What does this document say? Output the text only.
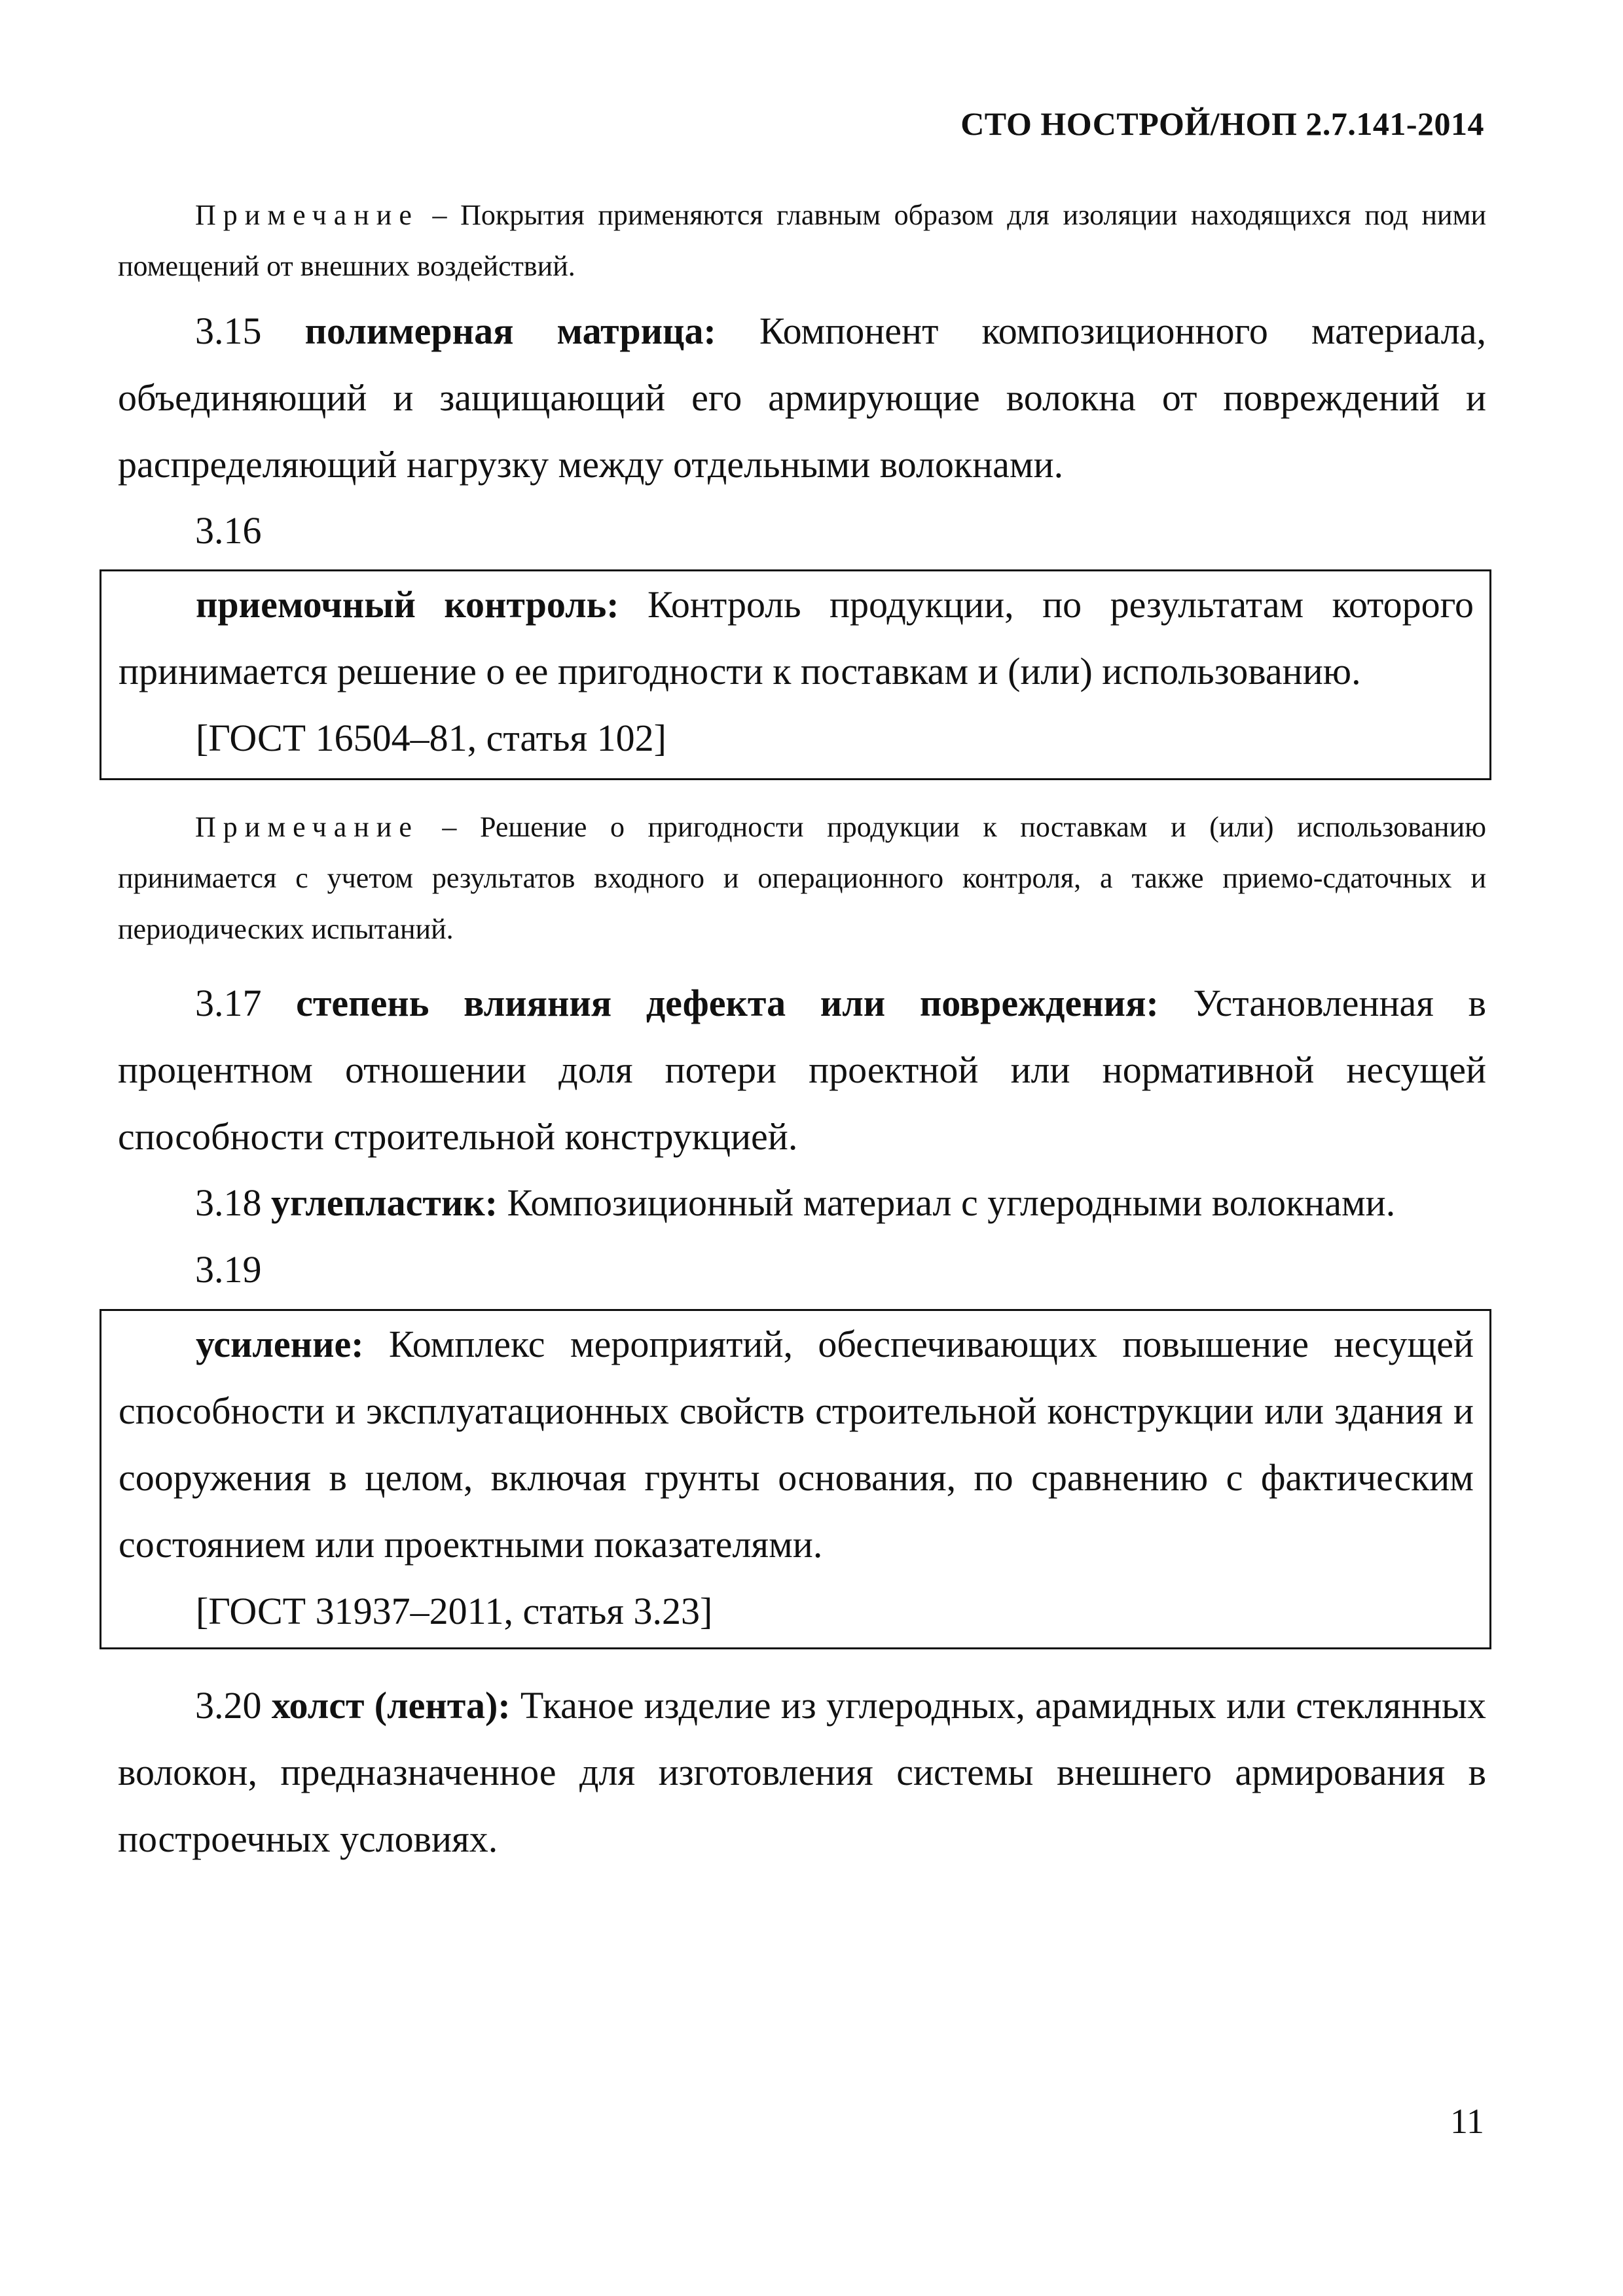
СТО НОСТРОЙ/НОП 2.7.141-2014

Примечание – Покрытия применяются главным образом для изоляции находящихся под ними помещений от внешних воздействий.

3.15 полимерная матрица: Компонент композиционного материала, объединяющий и защищающий его армирующие волокна от повреждений и распределяющий нагрузку между отдельными волокнами.

3.16

приемочный контроль: Контроль продукции, по результатам которого принимается решение о ее пригодности к поставкам и (или) использованию.

[ГОСТ 16504–81, статья 102]

Примечание – Решение о пригодности продукции к поставкам и (или) использованию принимается с учетом результатов входного и операционного контроля, а также приемо-сдаточных и периодических испытаний.

3.17 степень влияния дефекта или повреждения: Установленная в процентном отношении доля потери проектной или нормативной несущей способности строительной конструкцией.

3.18 углепластик: Композиционный материал с углеродными волокнами.

3.19

усиление: Комплекс мероприятий, обеспечивающих повышение несущей способности и эксплуатационных свойств строительной конструкции или здания и сооружения в целом, включая грунты основания, по сравнению с фактическим состоянием или проектными показателями.

[ГОСТ 31937–2011, статья 3.23]

3.20 холст (лента): Тканое изделие из углеродных, арамидных или стеклянных волокон, предназначенное для изготовления системы внешнего армирования в построечных условиях.

11
